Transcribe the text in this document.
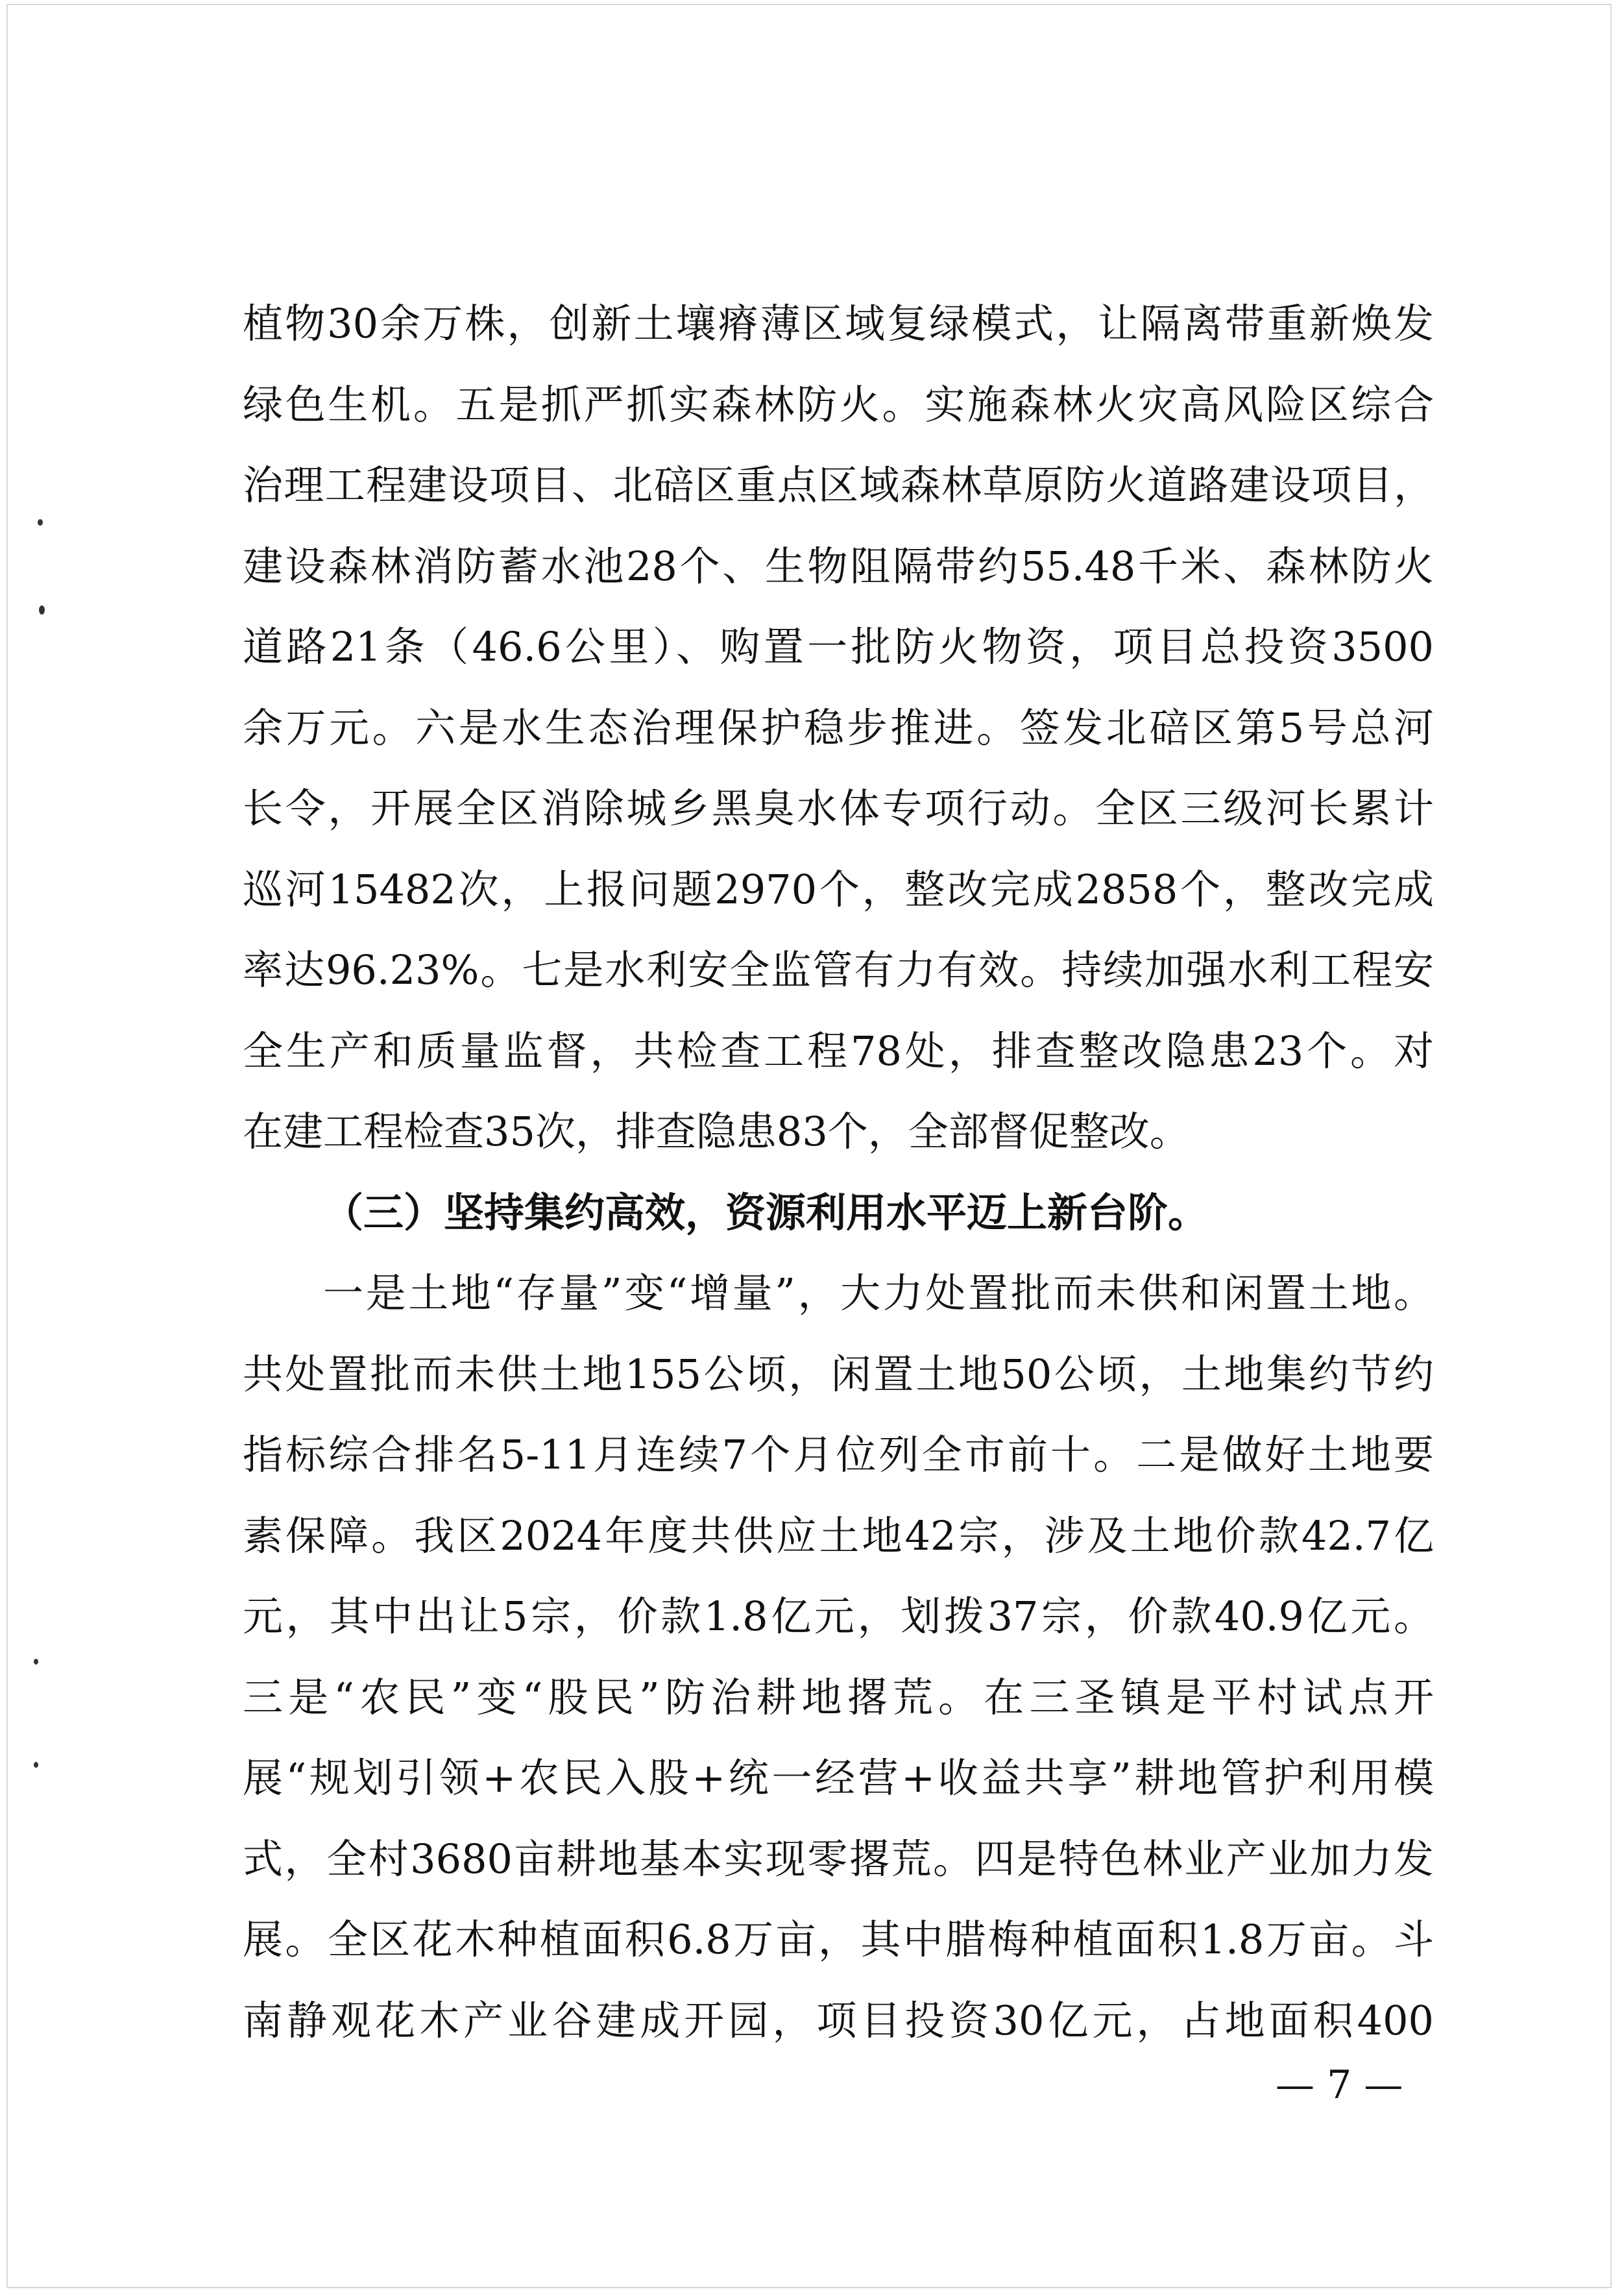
植物30余万株，创新土壤瘠薄区域复绿模式，让隔离带重新焕发
绿色生机。五是抓严抓实森林防火。实施森林火灾高风险区综合
治理工程建设项目、北碚区重点区域森林草原防火道路建设项目，
建设森林消防蓄水池28个、生物阻隔带约55.48千米、森林防火
道路21条（46.6公里）、购置一批防火物资，项目总投资3500
余万元。六是水生态治理保护稳步推进。签发北碚区第5号总河
长令，开展全区消除城乡黑臭水体专项行动。全区三级河长累计
巡河15482次，上报问题2970个，整改完成2858个，整改完成
率达96.23%。七是水利安全监管有力有效。持续加强水利工程安
全生产和质量监督，共检查工程78处，排查整改隐患23个。对
在建工程检查35次，排查隐患83个，全部督促整改。
（三）坚持集约高效，资源利用水平迈上新台阶。
一是土地“存量”变“增量”，大力处置批而未供和闲置土地。
共处置批而未供土地155公顷，闲置土地50公顷，土地集约节约
指标综合排名5-11月连续7个月位列全市前十。二是做好土地要
素保障。我区2024年度共供应土地42宗，涉及土地价款42.7亿
元，其中出让5宗，价款1.8亿元，划拨37宗，价款40.9亿元。
三是“农民”变“股民”防治耕地撂荒。在三圣镇是平村试点开
展“规划引领+农民入股+统一经营+收益共享”耕地管护利用模
式，全村3680亩耕地基本实现零撂荒。四是特色林业产业加力发
展。全区花木种植面积6.8万亩，其中腊梅种植面积1.8万亩。斗
南静观花木产业谷建成开园，项目投资30亿元，占地面积400
— 7 —
